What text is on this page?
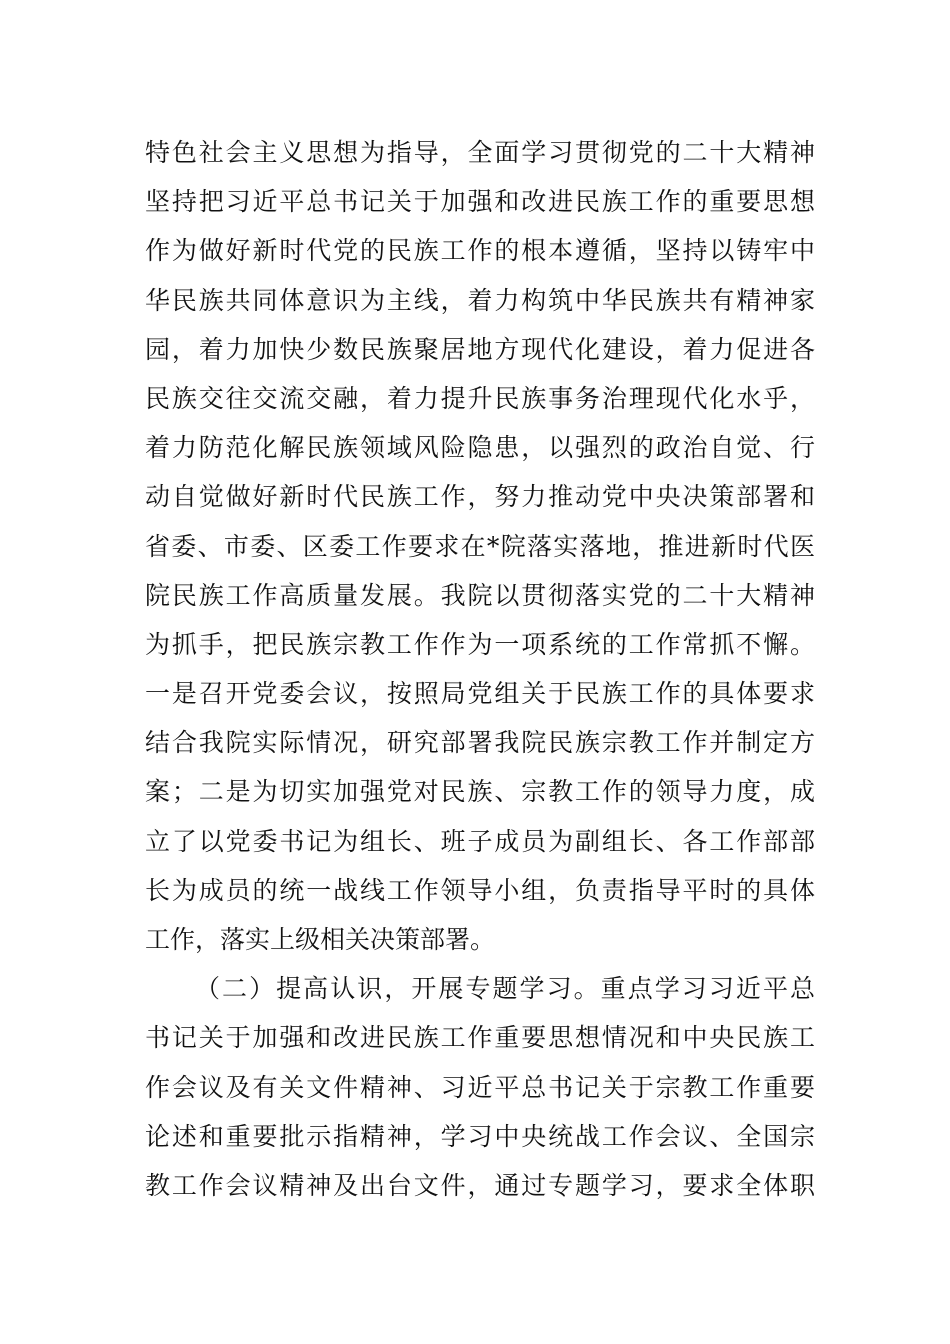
特色社会主义思想为指导，全面学习贯彻党的二十大精神
坚持把习近平总书记关于加强和改进民族工作的重要思想
作为做好新时代党的民族工作的根本遵循，坚持以铸牢中
华民族共同体意识为主线，着力构筑中华民族共有精神家
园，着力加快少数民族聚居地方现代化建设，着力促进各
民族交往交流交融，着力提升民族事务治理现代化水乎，
着力防范化解民族领域风险隐患，以强烈的政治自觉、行
动自觉做好新时代民族工作，努力推动党中央决策部署和
省委、市委、区委工作要求在*院落实落地，推进新时代医
院民族工作高质量发展。我院以贯彻落实党的二十大精神
为抓手，把民族宗教工作作为一项系统的工作常抓不懈。
一是召开党委会议，按照局党组关于民族工作的具体要求
结合我院实际情况，研究部署我院民族宗教工作并制定方
案；二是为切实加强党对民族、宗教工作的领导力度，成
立了以党委书记为组长、班子成员为副组长、各工作部部
长为成员的统一战线工作领导小组，负责指导平时的具体
工作，落实上级相关决策部署。
（二）提高认识，开展专题学习。重点学习习近平总
书记关于加强和改进民族工作重要思想情况和中央民族工
作会议及有关文件精神、习近平总书记关于宗教工作重要
论述和重要批示指精神，学习中央统战工作会议、全国宗
教工作会议精神及出台文件，通过专题学习，要求全体职
